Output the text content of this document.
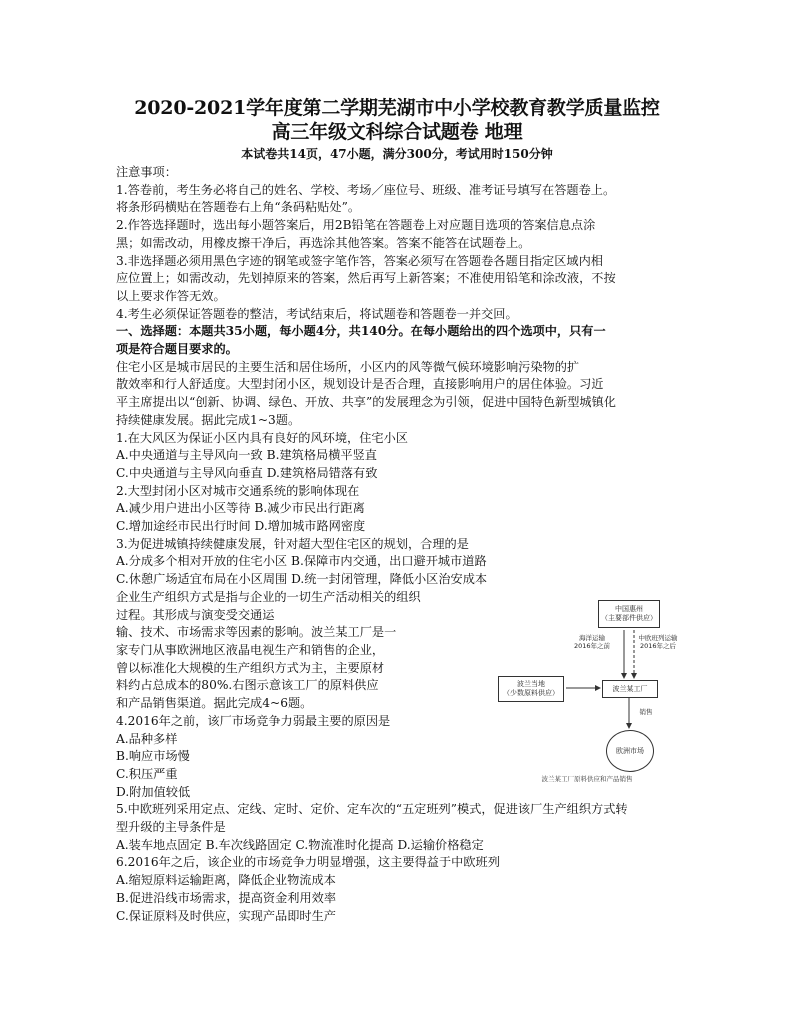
2020-2021学年度第二学期芜湖市中小学校教育教学质量监控

高三年级文科综合试题卷 地理

本试卷共14页，47小题，满分300分，考试用时150分钟

注意事项：

1.答卷前，考生务必将自己的姓名、学校、考场／座位号、班级、准考证号填写在答题卷上。

将条形码横贴在答题卷右上角“条码粘贴处”。

2.作答选择题时，选出每小题答案后，用2B铅笔在答题卷上对应题目选项的答案信息点涂

黑；如需改动，用橡皮擦干净后，再选涂其他答案。答案不能答在试题卷上。

3.非选择题必须用黑色字迹的钢笔或签字笔作答，答案必须写在答题卷各题目指定区域内相

应位置上；如需改动，先划掉原来的答案，然后再写上新答案；不准使用铅笔和涂改液，不按

以上要求作答无效。

4.考生必须保证答题卷的整洁，考试结束后，将试题卷和答题卷一并交回。

一、选择题：本题共35小题，每小题4分，共140分。在每小题给出的四个选项中，只有一

项是符合题目要求的。

住宅小区是城市居民的主要生活和居住场所，小区内的风等微气候环境影响污染物的扩

散效率和行人舒适度。大型封闭小区，规划设计是否合理，直接影响用户的居住体验。习近

平主席提出以“创新、协调、绿色、开放、共享”的发展理念为引领，促进中国特色新型城镇化

持续健康发展。据此完成1~3题。

1.在大风区为保证小区内具有良好的风环境，住宅小区

A.中央通道与主导风向一致 B.建筑格局横平竖直

C.中央通道与主导风向垂直 D.建筑格局错落有致

2.大型封闭小区对城市交通系统的影响体现在

A.减少用户进出小区等待 B.减少市民出行距离

C.增加途经市民出行时间 D.增加城市路网密度

3.为促进城镇持续健康发展，针对超大型住宅区的规划，合理的是

A.分成多个相对开放的住宅小区 B.保障市内交通，出口避开城市道路

C.休憩广场适宜布局在小区周围 D.统一封闭管理，降低小区治安成本

企业生产组织方式是指与企业的一切生产活动相关的组织

过程。其形成与演变受交通运

输、技术、市场需求等因素的影响。波兰某工厂是一

家专门从事欧洲地区液晶电视生产和销售的企业，

曾以标准化大规模的生产组织方式为主，主要原材

料约占总成本的80%.右图示意该工厂的原料供应

和产品销售渠道。据此完成4~6题。

4.2016年之前，该厂市场竞争力弱最主要的原因是

A.品种多样

B.响应市场慢

C.积压严重

D.附加值较低

5.中欧班列采用定点、定线、定时、定价、定车次的“五定班列”模式，促进该厂生产组织方式转

型升级的主导条件是

A.装车地点固定 B.车次线路固定 C.物流准时化提高 D.运输价格稳定

6.2016年之后，该企业的市场竞争力明显增强，这主要得益于中欧班列

A.缩短原料运输距离，降低企业物流成本

B.促进沿线市场需求，提高资金利用效率

C.保证原料及时供应，实现产品即时生产

中国惠州
（主要部件供应）
海洋运输
2016年之前
中欧班列运输
2016年之后
波兰当地
（少数原料供应）	波兰某工厂
销售
欧洲市场
波兰某工厂原料供应和产品销售
